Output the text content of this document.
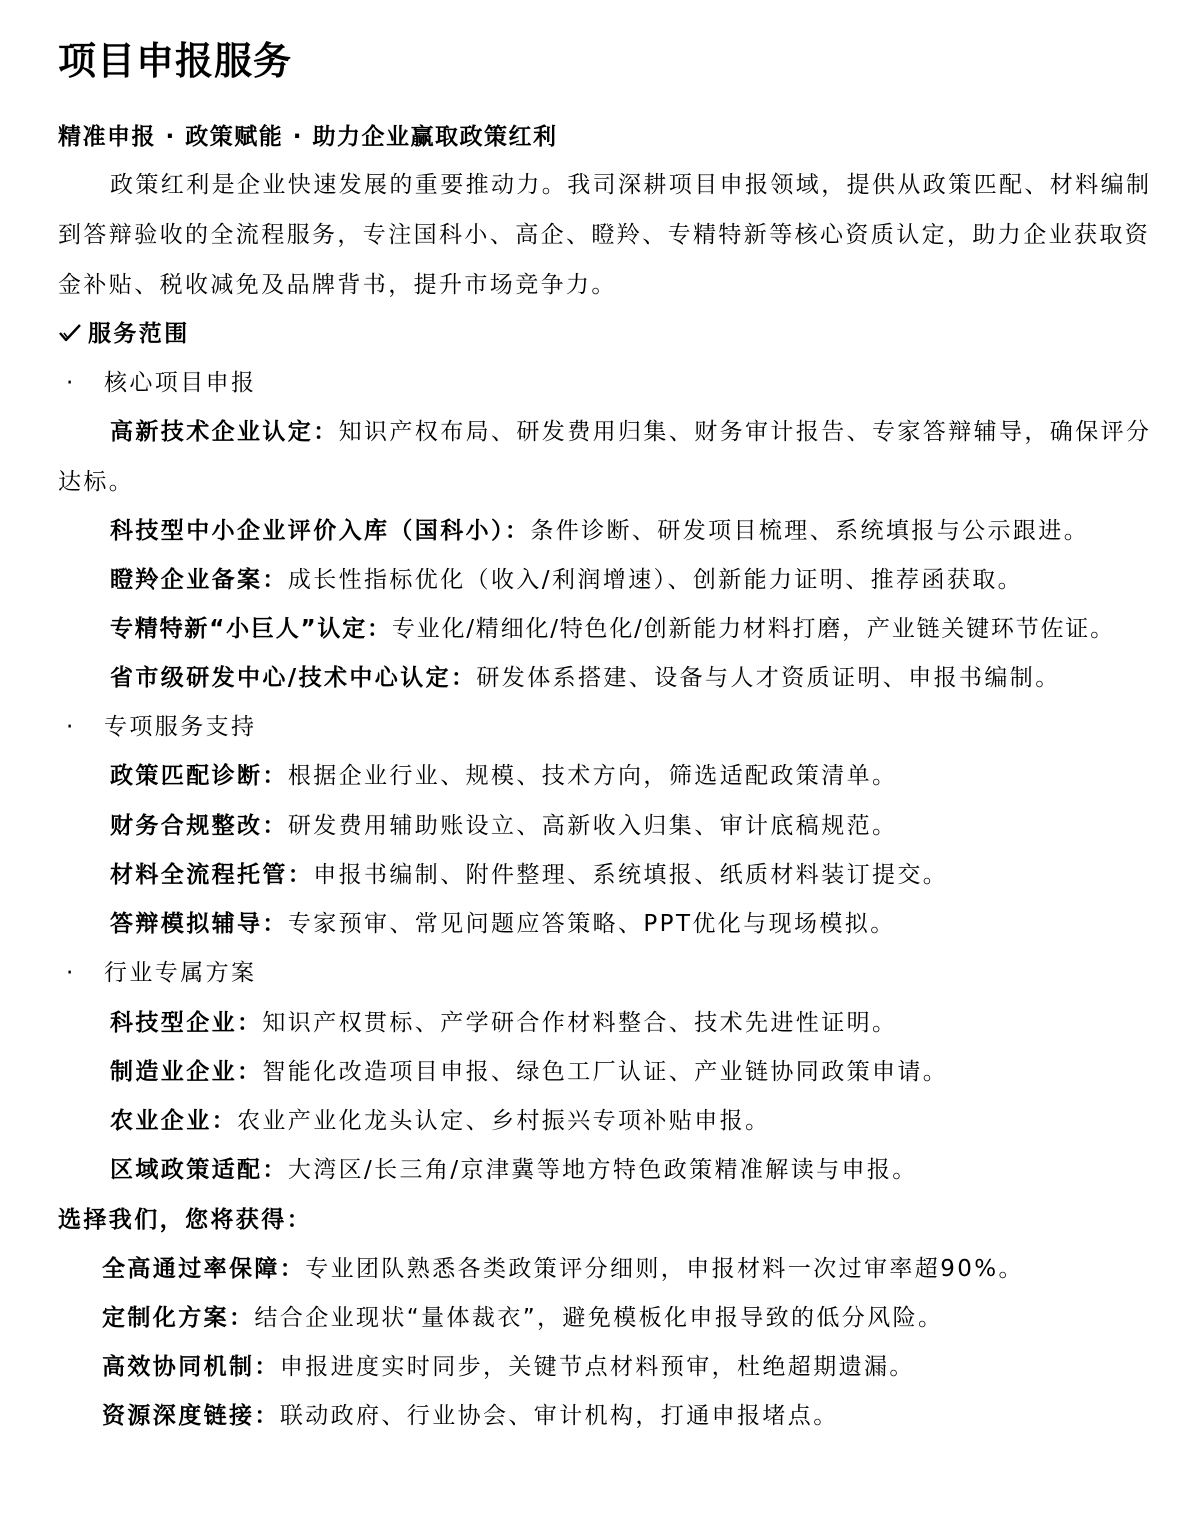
项目申报服务
精准申报 · 政策赋能 · 助力企业赢取政策红利
政策红利是企业快速发展的重要推动力。我司深耕项目申报领域，提供从政策匹配、材料编制
到答辩验收的全流程服务，专注国科小、高企、瞪羚、专精特新等核心资质认定，助力企业获取资
金补贴、税收减免及品牌背书，提升市场竞争力。
服务范围
· 核心项目申报
高新技术企业认定：知识产权布局、研发费用归集、财务审计报告、专家答辩辅导，确保评分
达标。
科技型中小企业评价入库（国科小）：条件诊断、研发项目梳理、系统填报与公示跟进。
瞪羚企业备案：成长性指标优化（收入/利润增速）、创新能力证明、推荐函获取。
专精特新“小巨人”认定：专业化/精细化/特色化/创新能力材料打磨，产业链关键环节佐证。
省市级研发中心/技术中心认定：研发体系搭建、设备与人才资质证明、申报书编制。
· 专项服务支持
政策匹配诊断：根据企业行业、规模、技术方向，筛选适配政策清单。
财务合规整改：研发费用辅助账设立、高新收入归集、审计底稿规范。
材料全流程托管：申报书编制、附件整理、系统填报、纸质材料装订提交。
答辩模拟辅导：专家预审、常见问题应答策略、PPT优化与现场模拟。
· 行业专属方案
科技型企业：知识产权贯标、产学研合作材料整合、技术先进性证明。
制造业企业：智能化改造项目申报、绿色工厂认证、产业链协同政策申请。
农业企业：农业产业化龙头认定、乡村振兴专项补贴申报。
区域政策适配：大湾区/长三角/京津冀等地方特色政策精准解读与申报。
选择我们，您将获得：
全高通过率保障：专业团队熟悉各类政策评分细则，申报材料一次过审率超90%。
定制化方案：结合企业现状“量体裁衣”，避免模板化申报导致的低分风险。
高效协同机制：申报进度实时同步，关键节点材料预审，杜绝超期遗漏。
资源深度链接：联动政府、行业协会、审计机构，打通申报堵点。
